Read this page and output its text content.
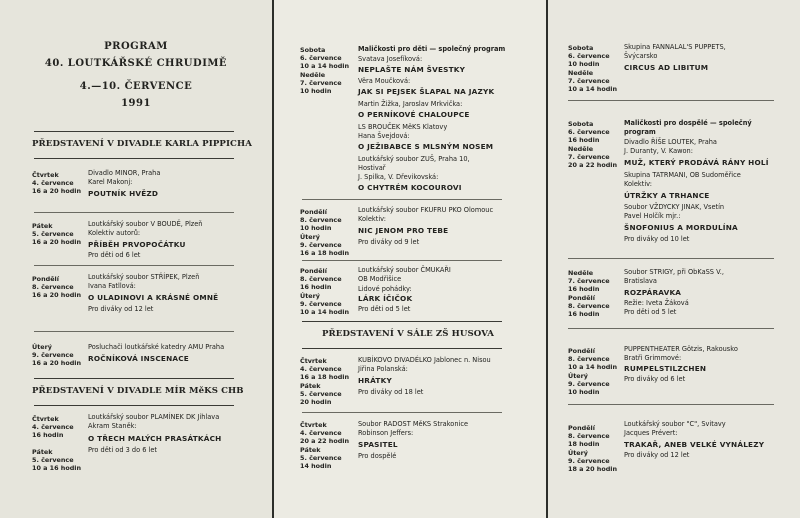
PROGRAM
40. LOUTKÁŘSKÉ CHRUDIMĚ
4.—10. ČERVENCE
1991
PŘEDSTAVENÍ V DIVADLE KARLA PIPPICHA
Čtvrtek
4. července
16 a 20 hodin
Divadlo MINOR, Praha
Karel Makonj:
POUTNÍK HVĚZD
Pátek
5. července
16 a 20 hodin
Loutkářský soubor V BOUDĚ, Plzeň
Kolektiv autorů:
PŘÍBĚH PRVOPOČÁTKU
Pro děti od 6 let
Pondělí
8. července
16 a 20 hodin
Loutkářský soubor STŘÍPEK, Plzeň
Ivana Fatllová:
O ULADINOVI A KRÁSNÉ OMNĚ
Pro diváky od 12 let
Úterý
9. července
16 a 20 hodin
Posluchači loutkářské katedry AMU Praha
ROČNÍKOVÁ INSCENACE
PŘEDSTAVENÍ V DIVADLE MÍR MěKS CHB
Čtvrtek
4. července
16 hodin
Loutkářský soubor PLAMÍNEK DK Jihlava
Akram Staněk:
O TŘECH MALÝCH PRASÁTKÁCH
Pátek
5. července
10 a 16 hodin
Pro děti od 3 do 6 let
Sobota
6. července
10 a 14 hodin
Neděle
7. července
10 hodin
Maličkosti pro děti — společný program
Svatava Josefíková:
NEPLAŠTE NÁM ŠVESTKY
Věra Moučková:
JAK SI PEJSEK ŠLAPAL NA JAZYK
Martin Žižka, Jaroslav Mrkvička:
O PERNÍKOVÉ CHALOUPCE
LS BROUČEK MěKS Klatovy
Hana Švejdová:
O JEŽIBABCE S MLSNÝM NOSEM
Loutkářský soubor ZUŠ, Praha 10,
Hostivař
J. Spilka, V. Dřevikovská:
O CHYTRÉM KOCOUROVI
Pondělí
8. července
10 hodin
Úterý
9. července
16 a 18 hodin
Loutkářský soubor FKUFRU PKO Olomouc
Kolektiv:
NIC JENOM PRO TEBE
Pro diváky od 9 let
Pondělí
8. července
16 hodin
Úterý
9. července
10 a 14 hodin
Loutkářský soubor ČMUKAŘI
OB Modřišice
Lidové pohádky:
LÁRK ÍČIČOK
Pro děti od 5 let
PŘEDSTAVENÍ V SÁLE ZŠ HUSOVA
Čtvrtek
4. července
16 a 18 hodin
Pátek
5. července
20 hodin
KUBÍKOVO DIVADÉLKO Jablonec n. Nisou
Jiřina Polanská:
HRÁTKY
Pro diváky od 18 let
Čtvrtek
4. července
20 a 22 hodin
Pátek
5. července
14 hodin
Soubor RADOST MěKS Strakonice
Robinson Jeffers:
SPASITEL
Pro dospělé
Sobota
6. července
10 hodin
Neděle
7. července
10 a 14 hodin
Skupina FANNALAL'S PUPPETS,
Švýcarsko
CIRCUS AD LIBITUM
Sobota
6. července
16 hodin
Neděle
7. července
20 a 22 hodin
Maličkosti pro dospělé — společný program
Divadlo ŘÍŠE LOUTEK, Praha
J. Duranty, V. Kawon:
MUŽ, KTERÝ PRODÁVÁ RÁNY HOLÍ
Skupina TATRMANI, OB Sudoměřice
Kolektiv:
ÚTRŽKY A TRHANCE
Soubor VŽDYCKY JINAK, Vsetín
Pavel Holčík mjr.:
ŠNOFONIUS A MORDULÍNA
Pro diváky od 10 let
Neděle
7. července
16 hodin
Pondělí
8. července
16 hodin
Soubor STRIGY, při ObKaSS V.,
Bratislava
ROZPÁRAVKA
Režie: Iveta Žáková
Pro děti od 5 let
Pondělí
8. července
10 a 14 hodin
Úterý
9. července
10 hodin
PUPPENTHEATER Götzis, Rakousko
Bratři Grimmové:
RUMPELSTILZCHEN
Pro diváky od 6 let
Pondělí
8. července
18 hodin
Úterý
9. července
18 a 20 hodin
Loutkářský soubor "C", Svitavy
Jacques Prévert:
TRAKAŘ, ANEB VELKÉ VYNÁLEZY
Pro diváky od 12 let
